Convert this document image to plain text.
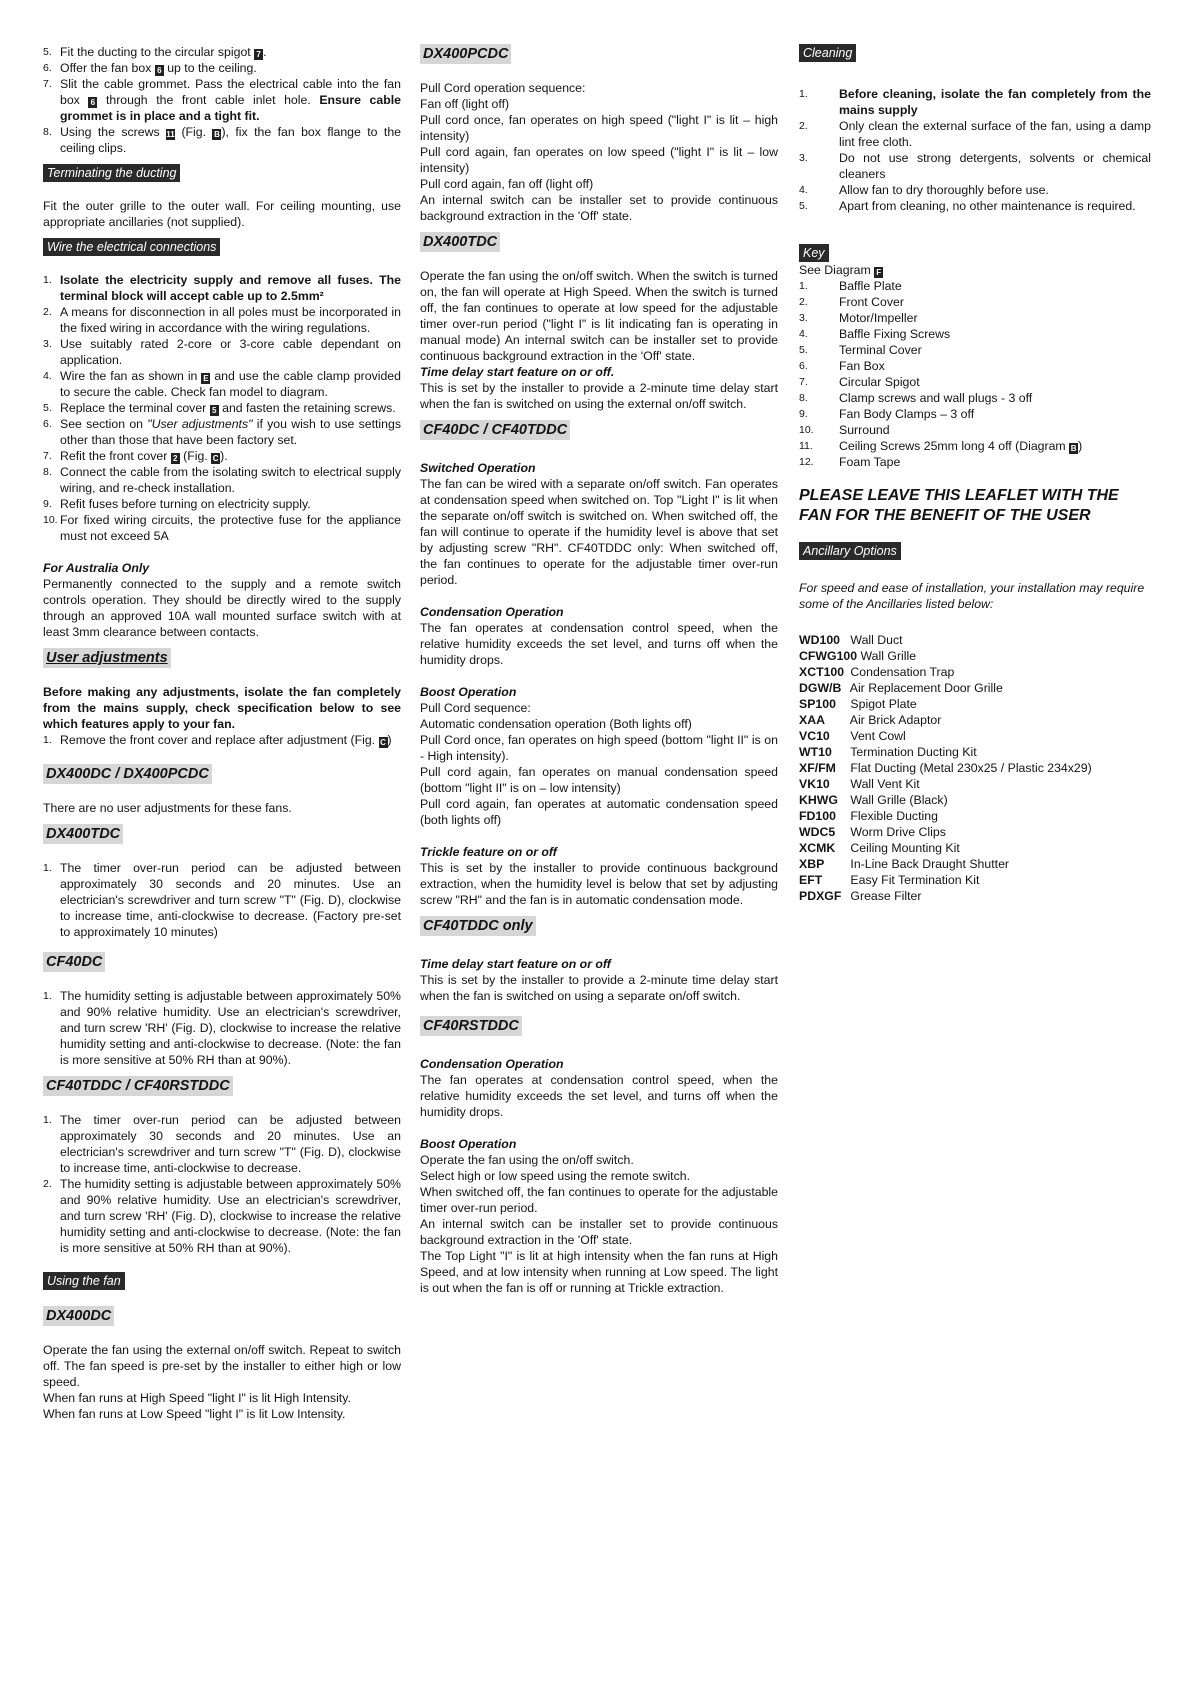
5. Fit the ducting to the circular spigot 7 .
6. Offer the fan box 6 up to the ceiling.
7. Slit the cable grommet. Pass the electrical cable into the fan box 6 through the front cable inlet hole. Ensure cable grommet is in place and a tight fit.
8. Using the screws 11 (Fig. B ), fix the fan box flange to the ceiling clips.
Terminating the ducting

Fit the outer grille to the outer wall. For ceiling mounting, use appropriate ancillaries (not supplied).

Wire the electrical connections
1. Isolate the electricity supply and remove all fuses. The terminal block will accept cable up to 2.5mm²
2. A means for disconnection in all poles must be incorporated in the fixed wiring in accordance with the wiring regulations.
3. Use suitably rated 2-core or 3-core cable dependant on application.
4. Wire the fan as shown in E and use the cable clamp provided to secure the cable. Check fan model to diagram.
5. Replace the terminal cover 5 and fasten the retaining screws.
6. See section on "User adjustments" if you wish to use settings other than those that have been factory set.
7. Refit the front cover 2 (Fig. C ).
8. Connect the cable from the isolating switch to electrical supply wiring, and re-check installation.
9. Refit fuses before turning on electricity supply.
10. For fixed wiring circuits, the protective fuse for the appliance must not exceed 5A

For Australia Only

Permanently connected to the supply and a remote switch controls operation. They should be directly wired to the supply through an approved 10A wall mounted surface switch with at least 3mm clearance between contacts.

User adjustments

Before making any adjustments, isolate the fan completely from the mains supply, check specification below to see which features apply to your fan.

1. Remove the front cover and replace after adjustment (Fig. C )
DX400DC / DX400PCDC

There are no user adjustments for these fans.

DX400TDC
1. The timer over-run period can be adjusted between approximately 30 seconds and 20 minutes. Use an electrician's screwdriver and turn screw "T" (Fig. D), clockwise to increase time, anti-clockwise to decrease. (Factory pre-set to approximately 10 minutes)
CF40DC
1. The humidity setting is adjustable between approximately 50% and 90% relative humidity. Use an electrician's screwdriver, and turn screw 'RH' (Fig. D), clockwise to increase the relative humidity setting and anti-clockwise to decrease. (Note: the fan is more sensitive at 50% RH than at 90%).
CF40TDDC / CF40RSTDDC
1. The timer over-run period can be adjusted between approximately 30 seconds and 20 minutes. Use an electrician's screwdriver and turn screw "T" (Fig. D), clockwise to increase time, anti-clockwise to decrease.
2. The humidity setting is adjustable between approximately 50% and 90% relative humidity. Use an electrician's screwdriver, and turn screw 'RH' (Fig. D), clockwise to increase the relative humidity setting and anti-clockwise to decrease. (Note: the fan is more sensitive at 50% RH than at 90%).
Using the fan
DX400DC

Operate the fan using the external on/off switch. Repeat to switch off. The fan speed is pre-set by the installer to either high or low speed.

When fan runs at High Speed "light I" is lit High Intensity.

When fan runs at Low Speed "light I" is lit Low Intensity.

DX400PCDC

Pull Cord operation sequence:
Fan off (light off)
Pull cord once, fan operates on high speed ("light I" is lit – high intensity)
Pull cord again, fan operates on low speed ("light I" is lit – low intensity)
Pull cord again, fan off (light off)
An internal switch can be installer set to provide continuous background extraction in the 'Off' state.

DX400TDC

Operate the fan using the on/off switch. When the switch is turned on, the fan will operate at High Speed. When the switch is turned off, the fan continues to operate at low speed for the adjustable timer over-run period ("light I" is lit indicating fan is operating in manual mode) An internal switch can be installer set to provide continuous background extraction in the 'Off' state.

Time delay start feature on or off.

This is set by the installer to provide a 2-minute time delay start when the fan is switched on using the external on/off switch.

CF40DC / CF40TDDC

Switched Operation

The fan can be wired with a separate on/off switch. Fan operates at condensation speed when switched on. Top "Light I" is lit when the separate on/off switch is switched on. When switched off, the fan will continue to operate if the humidity level is above that set by adjusting screw "RH". CF40TDDC only: When switched off, the fan continues to operate for the adjustable timer over-run period.

Condensation Operation

The fan operates at condensation control speed, when the relative humidity exceeds the set level, and turns off when the humidity drops.

Boost Operation

Pull Cord sequence:
Automatic condensation operation (Both lights off)
Pull Cord once, fan operates on high speed (bottom "light II" is on - High intensity).
Pull cord again, fan operates on manual condensation speed (bottom "light II" is on – low intensity)
Pull cord again, fan operates at automatic condensation speed (both lights off)

Trickle feature on or off

This is set by the installer to provide continuous background extraction, when the humidity level is below that set by adjusting screw "RH" and the fan is in automatic condensation mode.

CF40TDDC only

Time delay start feature on or off

This is set by the installer to provide a 2-minute time delay start when the fan is switched on using a separate on/off switch.

CF40RSTDDC

Condensation Operation

The fan operates at condensation control speed, when the relative humidity exceeds the set level, and turns off when the humidity drops.

Boost Operation

Operate the fan using the on/off switch.
Select high or low speed using the remote switch.
When switched off, the fan continues to operate for the adjustable timer over-run period.
An internal switch can be installer set to provide continuous background extraction in the 'Off' state.
The Top Light "I" is lit at high intensity when the fan runs at High Speed, and at low intensity when running at Low speed. The light is out when the fan is off or running at Trickle extraction.

Cleaning
1.	Before cleaning, isolate the fan completely from the mains supply
2.	Only clean the external surface of the fan, using a damp lint free cloth.
3.	Do not use strong detergents, solvents or chemical cleaners
4.	Allow fan to dry thoroughly before use.
5.	Apart from cleaning, no other maintenance is required.
Key

See Diagram F

1.	Baffle Plate
2.	Front Cover
3.	Motor/Impeller
4.	Baffle Fixing Screws
5.	Terminal Cover
6.	Fan Box
7.	Circular Spigot
8.	Clamp screws and wall plugs - 3 off
9.	Fan Body Clamps – 3 off
10. Surround
11. Ceiling Screws 25mm long 4 off (Diagram B )
12. Foam Tape

PLEASE LEAVE THIS LEAFLET WITH THE FAN FOR THE BENEFIT OF THE USER

Ancillary Options

For speed and ease of installation, your installation may require some of the Ancillaries listed below:

WD100 Wall Duct
CFWG100 Wall Grille
XCT100 Condensation Trap
DGW/B Air Replacement Door Grille
SP100 Spigot Plate
XAA Air Brick Adaptor
VC10 Vent Cowl
WT10 Termination Ducting Kit
XF/FM Flat Ducting (Metal 230x25 / Plastic 234x29)
VK10 Wall Vent Kit
KHWG Wall Grille (Black)
FD100 Flexible Ducting
WDC5 Worm Drive Clips
XCMK Ceiling Mounting Kit
XBP In-Line Back Draught Shutter
EFT Easy Fit Termination Kit
PDXGF Grease Filter
